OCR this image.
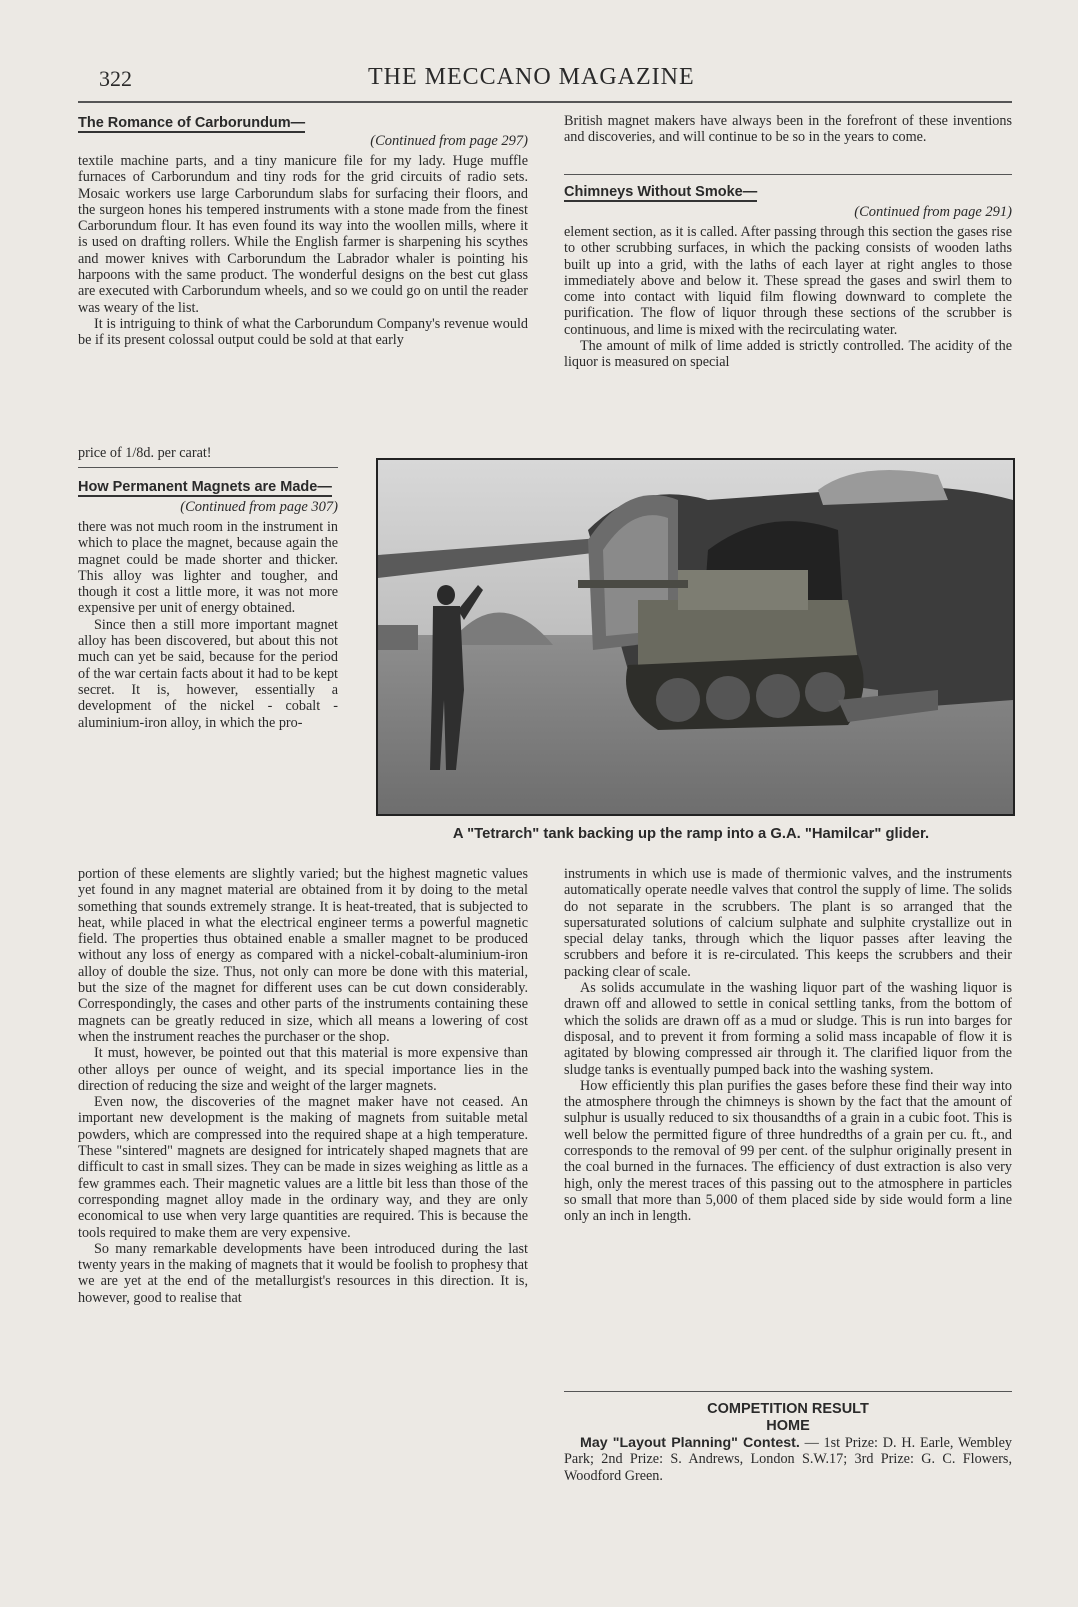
322	THE MECCANO MAGAZINE
The Romance of Carborundum—
(Continued from page 297)

textile machine parts, and a tiny manicure file for my lady. Huge muffle furnaces of Carborundum and tiny rods for the grid circuits of radio sets. Mosaic workers use large Carborundum slabs for surfacing their floors, and the surgeon hones his tempered instruments with a stone made from the finest Carborundum flour. It has even found its way into the woollen mills, where it is used on drafting rollers. While the English farmer is sharpening his scythes and mower knives with Carborundum the Labrador whaler is pointing his harpoons with the same product. The wonderful designs on the best cut glass are executed with Carborundum wheels, and so we could go on until the reader was weary of the list.

It is intriguing to think of what the Carborundum Company's revenue would be if its present colossal output could be sold at that early

price of 1/8d. per carat!
How Permanent Magnets are Made—
(Continued from page 307)

there was not much room in the instrument in which to place the magnet, because again the magnet could be made shorter and thicker. This alloy was lighter and tougher, and though it cost a little more, it was not more expensive per unit of energy obtained.

Since then a still more important magnet alloy has been discovered, but about this not much can yet be said, because for the period of the war certain facts about it had to be kept secret. It is, however, essentially a development of the nickel - cobalt - aluminium-iron alloy, in which the pro-

portion of these elements are slightly varied; but the highest magnetic values yet found in any magnet material are obtained from it by doing to the metal something that sounds extremely strange. It is heat-treated, that is subjected to heat, while placed in what the electrical engineer terms a powerful magnetic field. The properties thus obtained enable a smaller magnet to be produced without any loss of energy as compared with a nickel-cobalt-aluminium-iron alloy of double the size. Thus, not only can more be done with this material, but the size of the magnet for different uses can be cut down considerably. Correspondingly, the cases and other parts of the instruments containing these magnets can be greatly reduced in size, which all means a lowering of cost when the instrument reaches the purchaser or the shop.

It must, however, be pointed out that this material is more expensive than other alloys per ounce of weight, and its special importance lies in the direction of reducing the size and weight of the larger magnets.

Even now, the discoveries of the magnet maker have not ceased. An important new development is the making of magnets from suitable metal powders, which are compressed into the required shape at a high temperature. These "sintered" magnets are designed for intricately shaped magnets that are difficult to cast in small sizes. They can be made in sizes weighing as little as a few grammes each. Their magnetic values are a little bit less than those of the corresponding magnet alloy made in the ordinary way, and they are only economical to use when very large quantities are required. This is because the tools required to make them are very expensive.

So many remarkable developments have been introduced during the last twenty years in the making of magnets that it would be foolish to prophesy that we are yet at the end of the metallurgist's resources in this direction. It is, however, good to realise that

British magnet makers have always been in the forefront of these inventions and discoveries, and will continue to be so in the years to come.
Chimneys Without Smoke—
(Continued from page 291)

element section, as it is called. After passing through this section the gases rise to other scrubbing surfaces, in which the packing consists of wooden laths built up into a grid, with the laths of each layer at right angles to those immediately above and below it. These spread the gases and swirl them to come into contact with liquid film flowing downward to complete the purification. The flow of liquor through these sections of the scrubber is continuous, and lime is mixed with the recirculating water.

The amount of milk of lime added is strictly controlled. The acidity of the liquor is measured on special

A "Tetrarch" tank backing up the ramp into a G.A. "Hamilcar" glider.

instruments in which use is made of thermionic valves, and the instruments automatically operate needle valves that control the supply of lime. The solids do not separate in the scrubbers. The plant is so arranged that the supersaturated solutions of calcium sulphate and sulphite crystallize out in special delay tanks, through which the liquor passes after leaving the scrubbers and before it is re-circulated. This keeps the scrubbers and their packing clear of scale.

As solids accumulate in the washing liquor part of the washing liquor is drawn off and allowed to settle in conical settling tanks, from the bottom of which the solids are drawn off as a mud or sludge. This is run into barges for disposal, and to prevent it from forming a solid mass incapable of flow it is agitated by blowing compressed air through it. The clarified liquor from the sludge tanks is eventually pumped back into the washing system.

How efficiently this plan purifies the gases before these find their way into the atmosphere through the chimneys is shown by the fact that the amount of sulphur is usually reduced to six thousandths of a grain in a cubic foot. This is well below the permitted figure of three hundredths of a grain per cu. ft., and corresponds to the removal of 99 per cent. of the sulphur originally present in the coal burned in the furnaces. The efficiency of dust extraction is also very high, only the merest traces of this passing out to the atmosphere in particles so small that more than 5,000 of them placed side by side would form a line only an inch in length.

COMPETITION RESULT
HOME

May "Layout Planning" Contest. — 1st Prize: D. H. Earle, Wembley Park; 2nd Prize: S. Andrews, London S.W.17; 3rd Prize: G. C. Flowers, Woodford Green.
